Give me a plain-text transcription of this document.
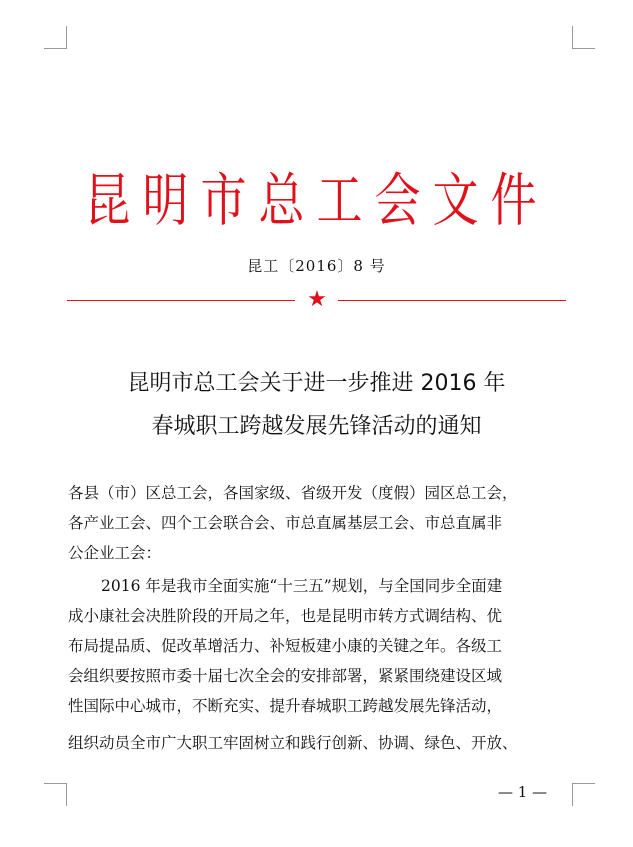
昆明市总工会文件
昆工〔2016〕8 号
★
昆明市总工会关于进一步推进 2016 年
春城职工跨越发展先锋活动的通知
各县（市）区总工会，各国家级、省级开发（度假）园区总工会，
各产业工会、四个工会联合会、市总直属基层工会、市总直属非
公企业工会：
2016 年是我市全面实施“十三五”规划，与全国同步全面建
成小康社会决胜阶段的开局之年，也是昆明市转方式调结构、优
布局提品质、促改革增活力、补短板建小康的关键之年。各级工
会组织要按照市委十届七次全会的安排部署，紧紧围绕建设区域
性国际中心城市，不断充实、提升春城职工跨越发展先锋活动，
组织动员全市广大职工牢固树立和践行创新、协调、绿色、开放、
— 1 —
